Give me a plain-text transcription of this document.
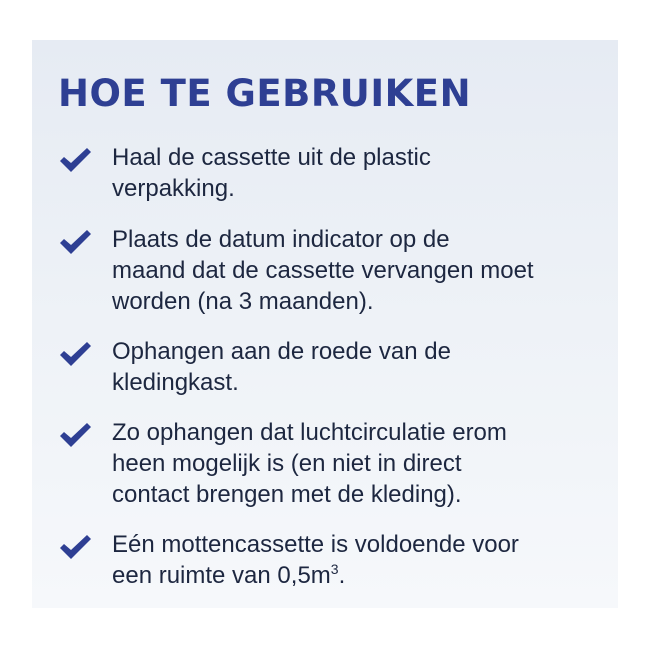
HOE TE GEBRUIKEN
Haal de cassette uit de plastic
verpakking.
Plaats de datum indicator op de
maand dat de cassette vervangen moet
worden (na 3 maanden).
Ophangen aan de roede van de
kledingkast.
Zo ophangen dat luchtcirculatie erom
heen mogelijk is (en niet in direct
contact brengen met de kleding).
Eén mottencassette is voldoende voor
een ruimte van $0,5m^3$.
